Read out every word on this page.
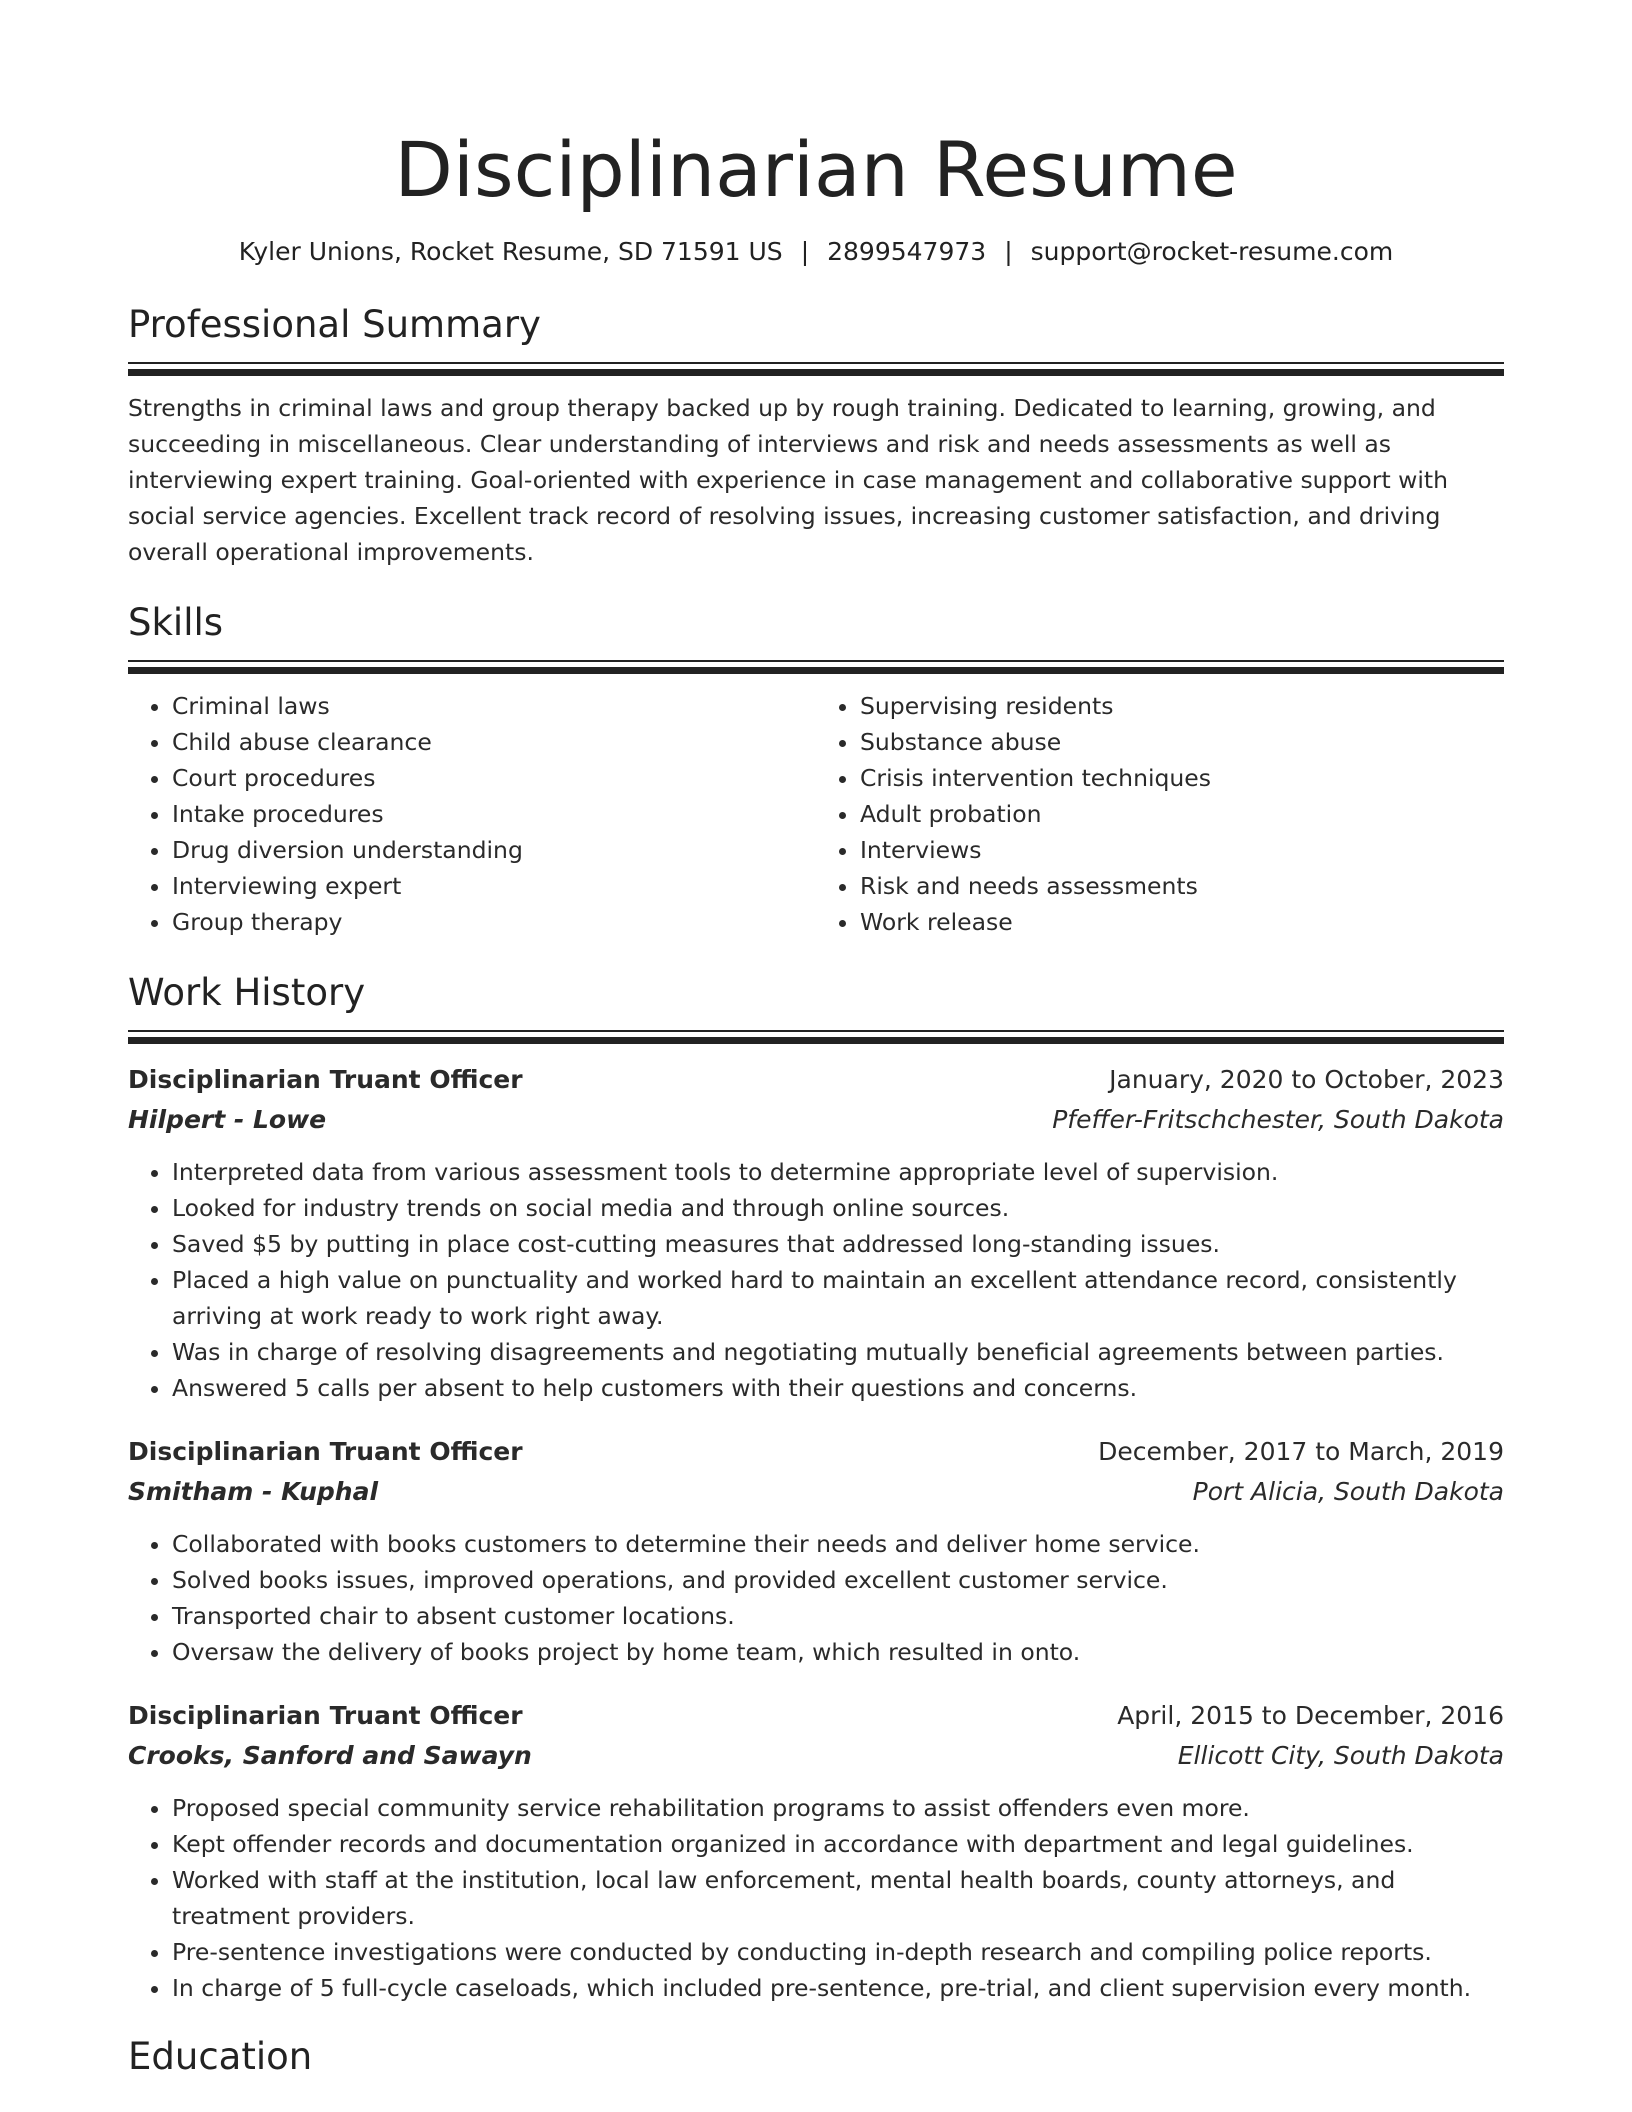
Disciplinarian Resume
Kyler Unions, Rocket Resume, SD 71591 US | 2899547973 | support@rocket-resume.com
Professional Summary
Strengths in criminal laws and group therapy backed up by rough training. Dedicated to learning, growing, and succeeding in miscellaneous. Clear understanding of interviews and risk and needs assessments as well as interviewing expert training. Goal-oriented with experience in case management and collaborative support with social service agencies. Excellent track record of resolving issues, increasing customer satisfaction, and driving overall operational improvements.
Skills
• Criminal laws
• Child abuse clearance
• Court procedures
• Intake procedures
• Drug diversion understanding
• Interviewing expert
• Group therapy
• Supervising residents
• Substance abuse
• Crisis intervention techniques
• Adult probation
• Interviews
• Risk and needs assessments
• Work release
Work History
Disciplinarian Truant Officer	January, 2020 to October, 2023
Hilpert - Lowe	Pfeffer-Fritschchester, South Dakota
• Interpreted data from various assessment tools to determine appropriate level of supervision.
• Looked for industry trends on social media and through online sources.
• Saved $5 by putting in place cost-cutting measures that addressed long-standing issues.
• Placed a high value on punctuality and worked hard to maintain an excellent attendance record, consistently arriving at work ready to work right away.
• Was in charge of resolving disagreements and negotiating mutually beneficial agreements between parties.
• Answered 5 calls per absent to help customers with their questions and concerns.
Disciplinarian Truant Officer	December, 2017 to March, 2019
Smitham - Kuphal	Port Alicia, South Dakota
• Collaborated with books customers to determine their needs and deliver home service.
• Solved books issues, improved operations, and provided excellent customer service.
• Transported chair to absent customer locations.
• Oversaw the delivery of books project by home team, which resulted in onto.
Disciplinarian Truant Officer	April, 2015 to December, 2016
Crooks, Sanford and Sawayn	Ellicott City, South Dakota
• Proposed special community service rehabilitation programs to assist offenders even more.
• Kept offender records and documentation organized in accordance with department and legal guidelines.
• Worked with staff at the institution, local law enforcement, mental health boards, county attorneys, and treatment providers.
• Pre-sentence investigations were conducted by conducting in-depth research and compiling police reports.
• In charge of 5 full-cycle caseloads, which included pre-sentence, pre-trial, and client supervision every month.
Education
